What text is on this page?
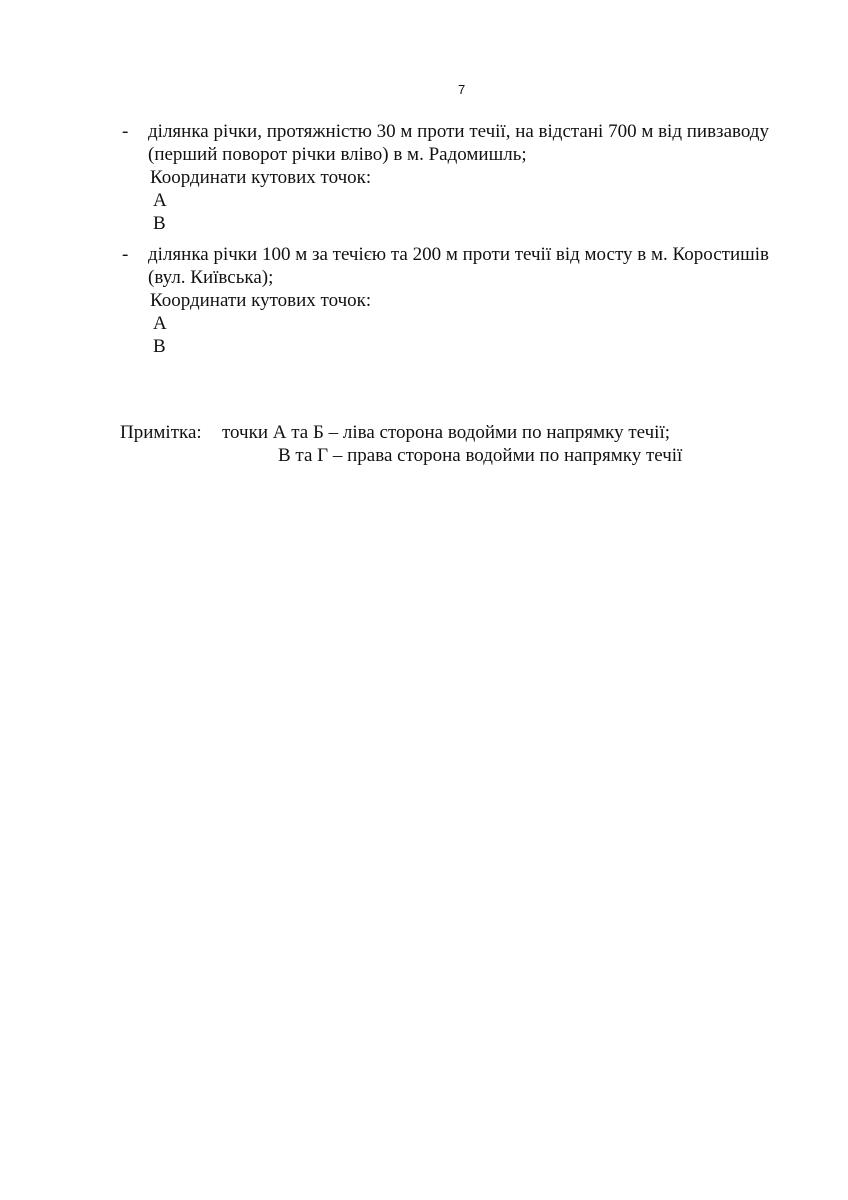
7
- ділянка річки, протяжністю 30 м проти течії, на відстані 700 м від пивзаводу
(перший поворот річки вліво) в м. Радомишль;
Координати кутових точок:
А
В
- ділянка річки 100 м за течією та 200 м проти течії від мосту в м. Коростишів
(вул. Київська);
Координати кутових точок:
А
В
Примітка: точки А та Б – ліва сторона водойми по напрямку течії;
В та Г – права сторона водойми по напрямку течії
